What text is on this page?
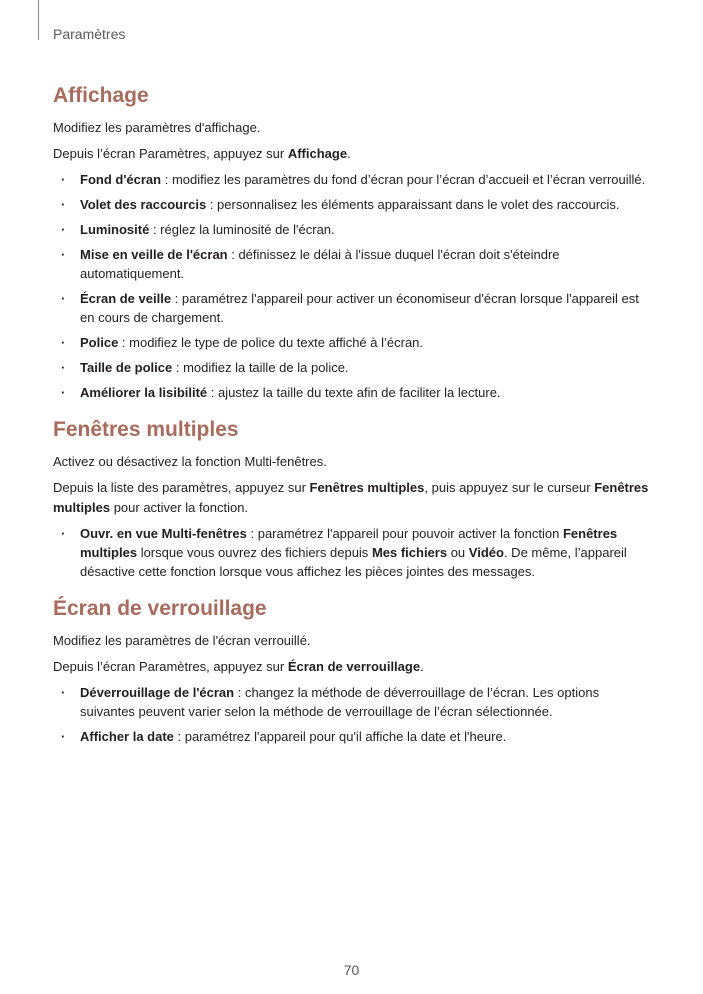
Paramètres

Affichage

Modifiez les paramètres d'affichage.

Depuis l’écran Paramètres, appuyez sur Affichage.

· Fond d'écran : modifiez les paramètres du fond d’écran pour l’écran d’accueil et l’écran verrouillé.
· Volet des raccourcis : personnalisez les éléments apparaissant dans le volet des raccourcis.
· Luminosité : réglez la luminosité de l'écran.
· Mise en veille de l'écran : définissez le délai à l'issue duquel l'écran doit s'éteindre automatiquement.
· Écran de veille : paramétrez l'appareil pour activer un économiseur d'écran lorsque l'appareil est en cours de chargement.
· Police : modifiez le type de police du texte affiché à l’écran.
· Taille de police : modifiez la taille de la police.
· Améliorer la lisibilité : ajustez la taille du texte afin de faciliter la lecture.
Fenêtres multiples

Activez ou désactivez la fonction Multi-fenêtres.

Depuis la liste des paramètres, appuyez sur Fenêtres multiples, puis appuyez sur le curseur Fenêtres multiples pour activer la fonction.

· Ouvr. en vue Multi-fenêtres : paramétrez l'appareil pour pouvoir activer la fonction Fenêtres multiples lorsque vous ouvrez des fichiers depuis Mes fichiers ou Vidéo. De même, l’appareil désactive cette fonction lorsque vous affichez les pièces jointes des messages.
Écran de verrouillage

Modifiez les paramètres de l'écran verrouillé.

Depuis l’écran Paramètres, appuyez sur Écran de verrouillage.

· Déverrouillage de l'écran : changez la méthode de déverrouillage de l’écran. Les options suivantes peuvent varier selon la méthode de verrouillage de l’écran sélectionnée.
· Afficher la date : paramétrez l'appareil pour qu'il affiche la date et l'heure.

70
